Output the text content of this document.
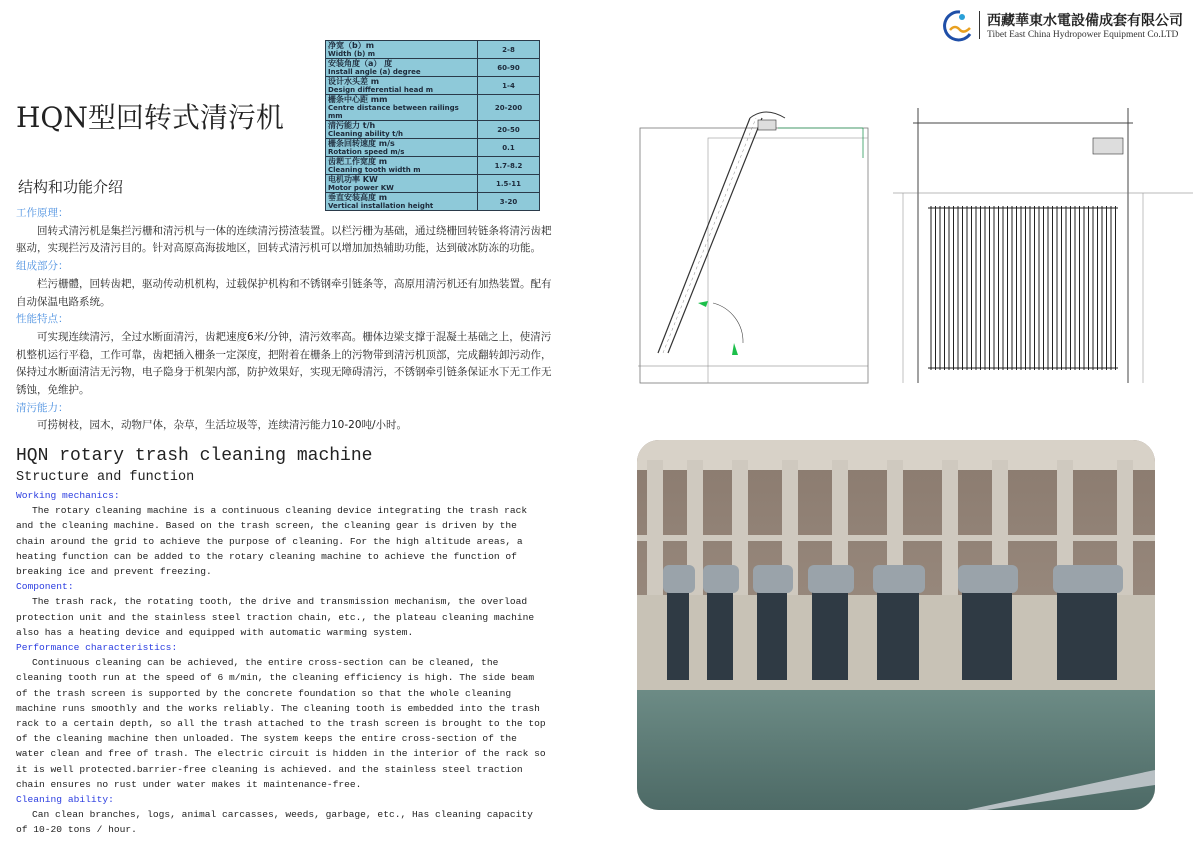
西藏華東水電設備成套有限公司
Tibet East China Hydropower Equipment Co.LTD
HQN型回转式清污机
结构和功能介绍
工作原理：
回转式清污机是集拦污栅和清污机与一体的连续清污捞渣装置。以栏污栅为基础，通过绕栅回转链条将清污齿耙驱动，实现拦污及清污目的。针对高原高海拔地区，回转式清污机可以增加加热辅助功能，达到破冰防冻的功能。
组成部分：
栏污栅體，回转齿耙，驱动传动机机构，过载保护机构和不锈钢牵引链条等，高原用清污机还有加热装置。配有自动保温电路系统。
性能特点：
可实现连续清污，全过水断面清污，齿耙速度6米/分钟，清污效率高。栅体边梁支撑于混凝土基础之上，使清污机整机运行平稳，工作可靠，齿耙插入栅条一定深度，把附着在栅条上的污物带到清污机顶部，完成翻转卸污动作，保持过水断面清洁无污物，电子隐身于机架内部，防护效果好，实现无障碍清污，不锈钢牵引链条保证水下无工作无锈蚀，免维护。
清污能力：
可捞树枝，园木，动物尸体，杂草，生活垃圾等，连续清污能力10-20吨/小时。
净宽（b）m
Width (b) m	2-8

安装角度（a） 度
Install angle (a) degree	60-90

设计水头差 m
Design differential head m	1-4

栅条中心距 mm
Centre distance between railings mm	20-200

清污能力 t/h
Cleaning ability t/h	20-50

栅条回转速度 m/s
Rotation speed m/s	0.1

齿耙工作宽度 m
Cleaning tooth width m	1.7-8.2

电机功率 KW
Motor power KW	1.5-11

垂直安装高度 m
Vertical installation height	3-20
HQN rotary trash cleaning machine
Structure and function
Working mechanics:
The rotary cleaning machine is a continuous cleaning device integrating the trash rack and the cleaning machine. Based on the trash screen, the cleaning gear is driven by the chain around the grid to achieve the purpose of cleaning. For the high altitude areas, a heating function can be added to the rotary cleaning machine to achieve the function of breaking ice and prevent freezing.
Component:
The trash rack, the rotating tooth, the drive and transmission mechanism, the overload protection unit and the stainless steel traction chain, etc., the plateau cleaning machine also has a heating device and equipped with automatic warming system.
Performance characteristics:
Continuous cleaning can be achieved, the entire cross-section can be cleaned, the cleaning tooth run at the speed of 6 m/min, the cleaning efficiency is high. The side beam of the trash screen is supported by the concrete foundation so that the whole cleaning machine runs smoothly and the works reliably. The cleaning tooth is embedded into the trash rack to a certain depth, so all the trash attached to the trash screen is brought to the top of the cleaning machine then unloaded. The system keeps the entire cross-section of the water clean and free of trash. The electric circuit is hidden in the interior of the rack so it is well protected.barrier-free cleaning is achieved. and the stainless steel traction chain ensures no rust under water makes it maintenance-free.
Cleaning ability:
Can clean branches, logs, animal carcasses, weeds, garbage, etc., Has cleaning capacity of 10-20 tons / hour.
